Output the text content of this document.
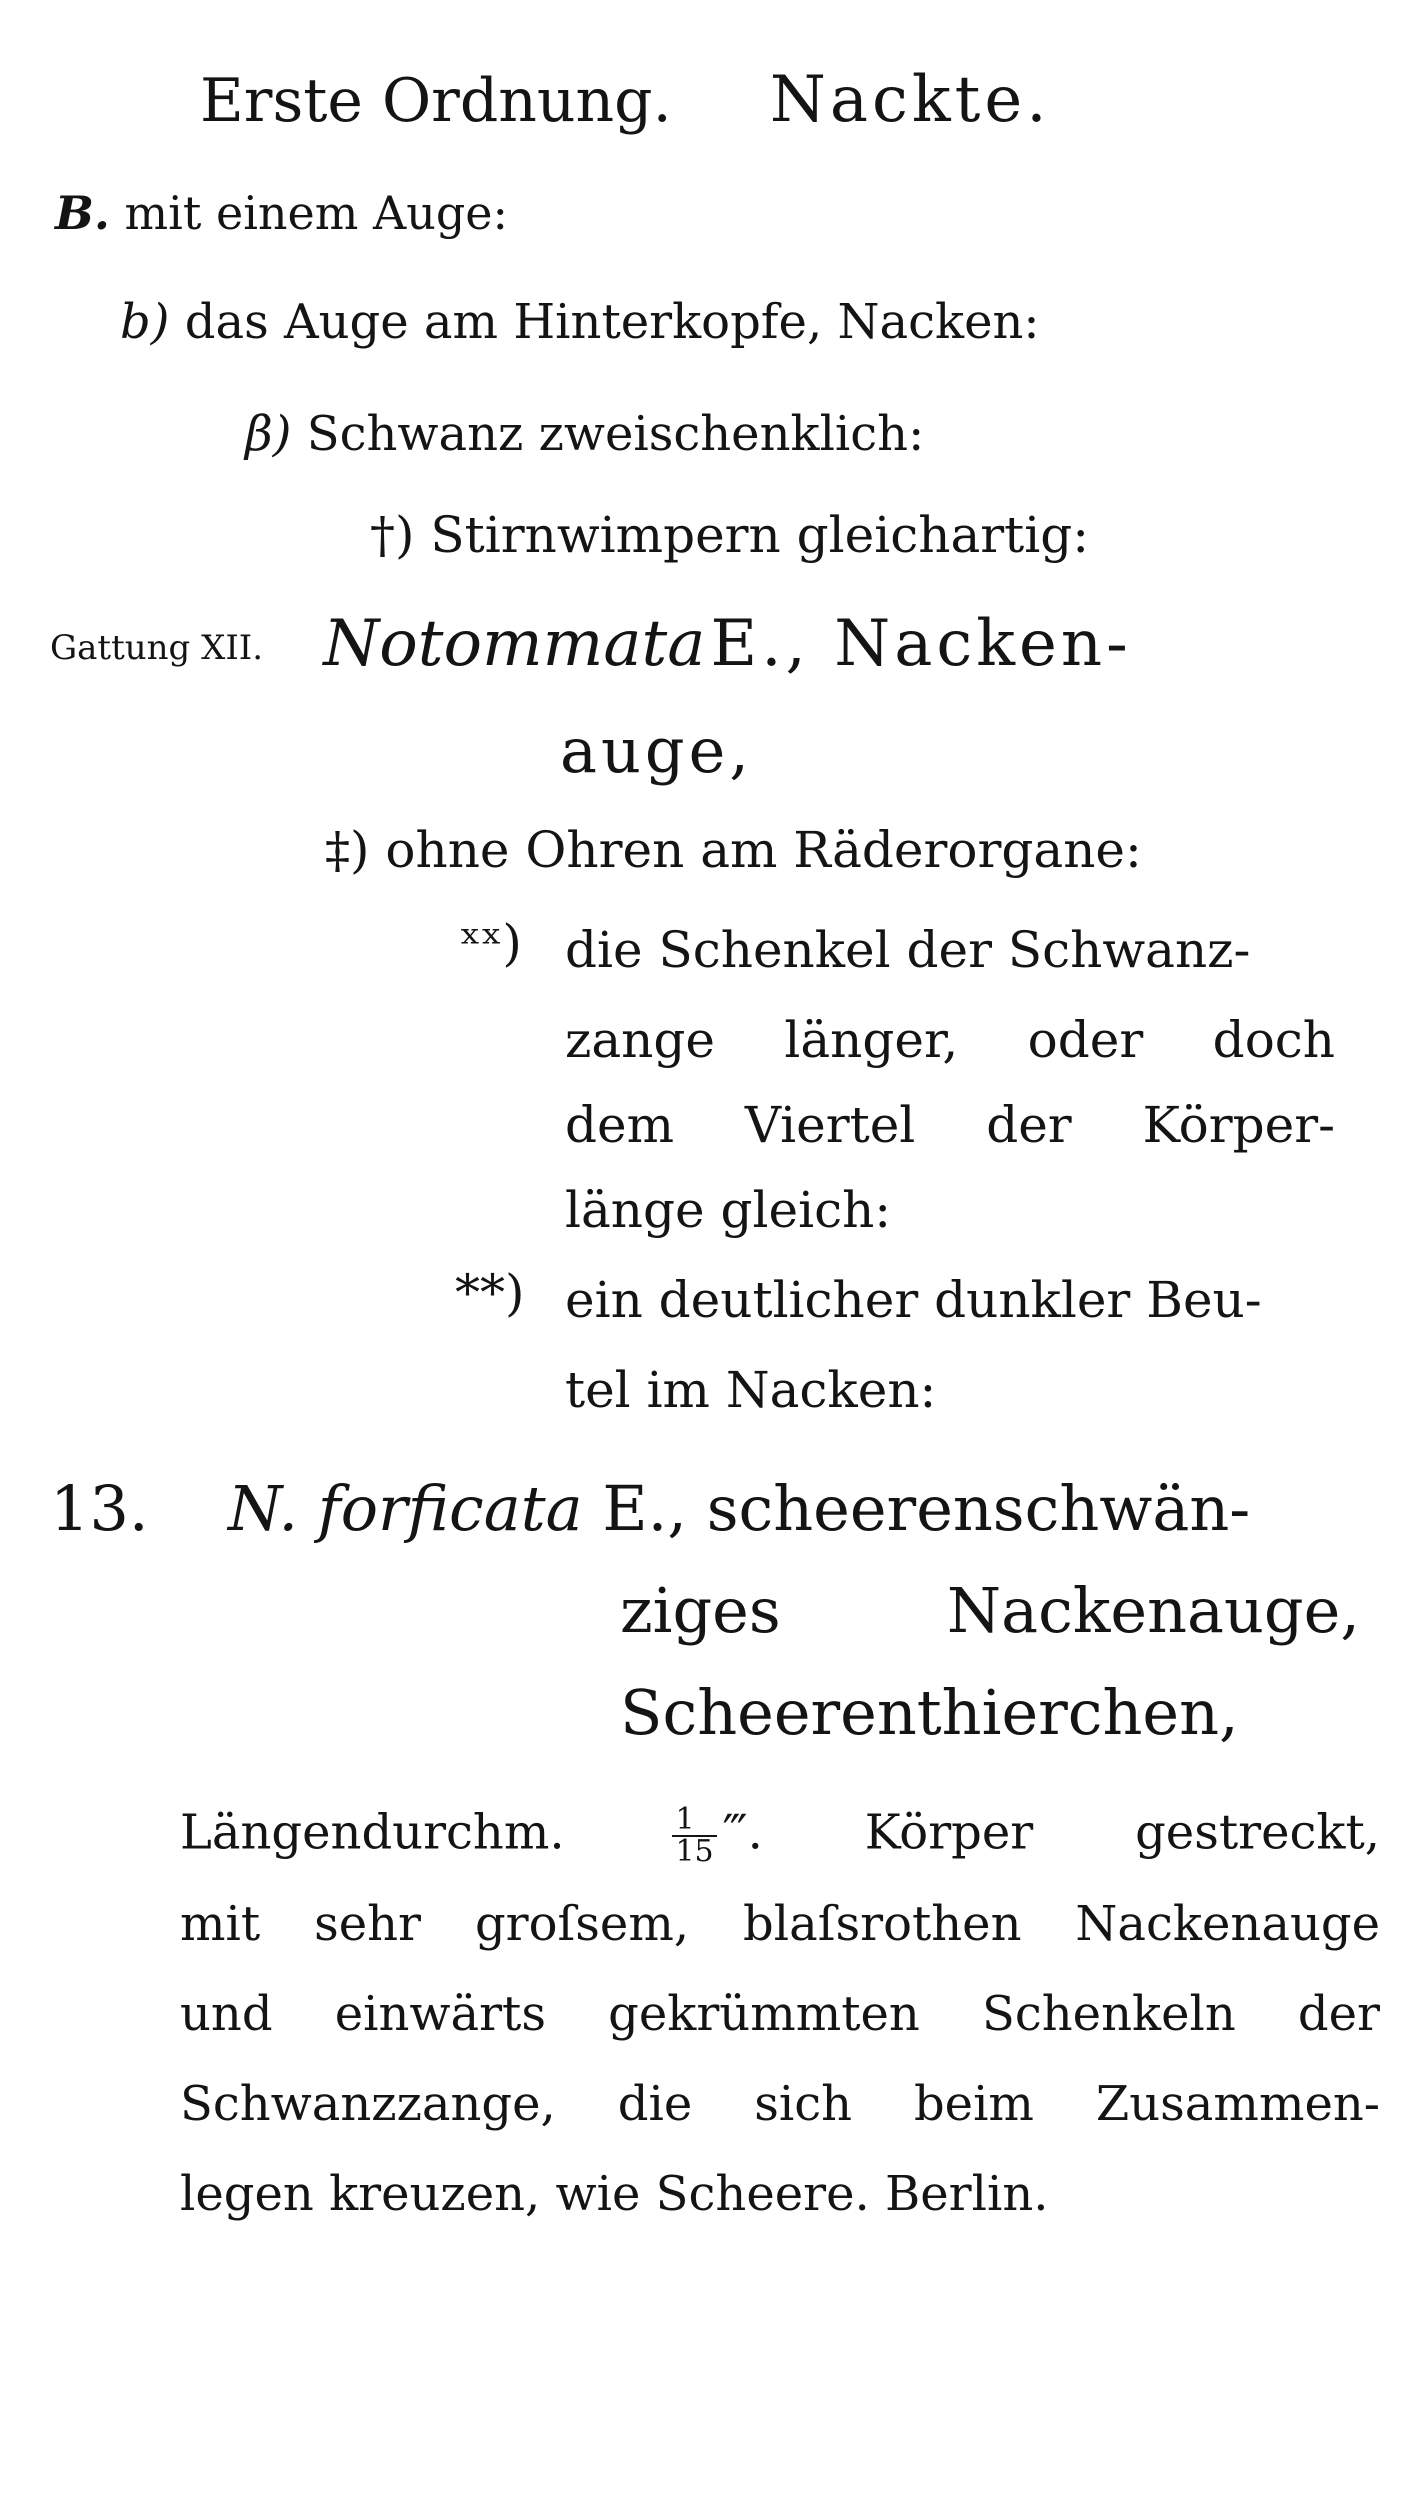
Erste Ordnung. Nackte.
B. mit einem Auge:
b) das Auge am Hinterkopfe, Nacken:
β) Schwanz zweischenklich:
†) Stirnwimpern gleichartig:
Gattung XII. Notommata E., Nacken-
auge,
‡) ohne Ohren am Räderorgane:
ˣˣ) die Schenkel der Schwanz-
zange länger, oder doch
dem Viertel der Körper-
länge gleich:
**) ein deutlicher dunkler Beu-
tel im Nacken:
13. N. forficata E., scheerenschwän-
ziges Nackenauge,
Scheerenthierchen,
Längendurchm.	$\frac{1}{15}$ ‴. Körper gestreckt,
mit sehr groſsem, blaſsrothen Nackenauge
und einwärts gekrümmten Schenkeln der
Schwanzzange, die sich beim Zusammen-
legen kreuzen, wie Scheere. Berlin.
